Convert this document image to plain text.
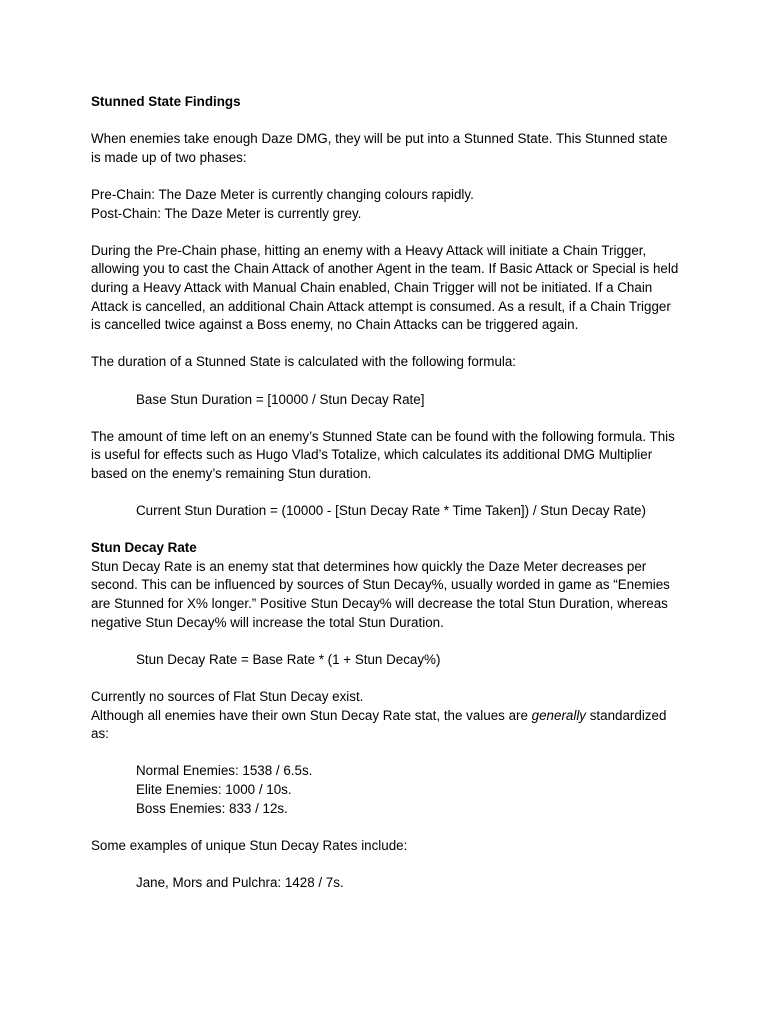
Stunned State Findings

When enemies take enough Daze DMG, they will be put into a Stunned State. This Stunned state is made up of two phases:

Pre-Chain: The Daze Meter is currently changing colours rapidly.

Post-Chain: The Daze Meter is currently grey.

During the Pre-Chain phase, hitting an enemy with a Heavy Attack will initiate a Chain Trigger, allowing you to cast the Chain Attack of another Agent in the team. If Basic Attack or Special is held during a Heavy Attack with Manual Chain enabled, Chain Trigger will not be initiated. If a Chain Attack is cancelled, an additional Chain Attack attempt is consumed. As a result, if a Chain Trigger is cancelled twice against a Boss enemy, no Chain Attacks can be triggered again.

The duration of a Stunned State is calculated with the following formula:

Base Stun Duration = [10000 / Stun Decay Rate]

The amount of time left on an enemy’s Stunned State can be found with the following formula. This is useful for effects such as Hugo Vlad’s Totalize, which calculates its additional DMG Multiplier based on the enemy’s remaining Stun duration.

Current Stun Duration = (10000 - [Stun Decay Rate * Time Taken]) / Stun Decay Rate)

Stun Decay Rate

Stun Decay Rate is an enemy stat that determines how quickly the Daze Meter decreases per second. This can be influenced by sources of Stun Decay%, usually worded in game as “Enemies are Stunned for X% longer.” Positive Stun Decay% will decrease the total Stun Duration, whereas negative Stun Decay% will increase the total Stun Duration.

Stun Decay Rate = Base Rate * (1 + Stun Decay%)

Currently no sources of Flat Stun Decay exist.

Although all enemies have their own Stun Decay Rate stat, the values are generally standardized as:

Normal Enemies: 1538 / 6.5s.

Elite Enemies: 1000 / 10s.

Boss Enemies: 833 / 12s.

Some examples of unique Stun Decay Rates include:

Jane, Mors and Pulchra: 1428 / 7s.
